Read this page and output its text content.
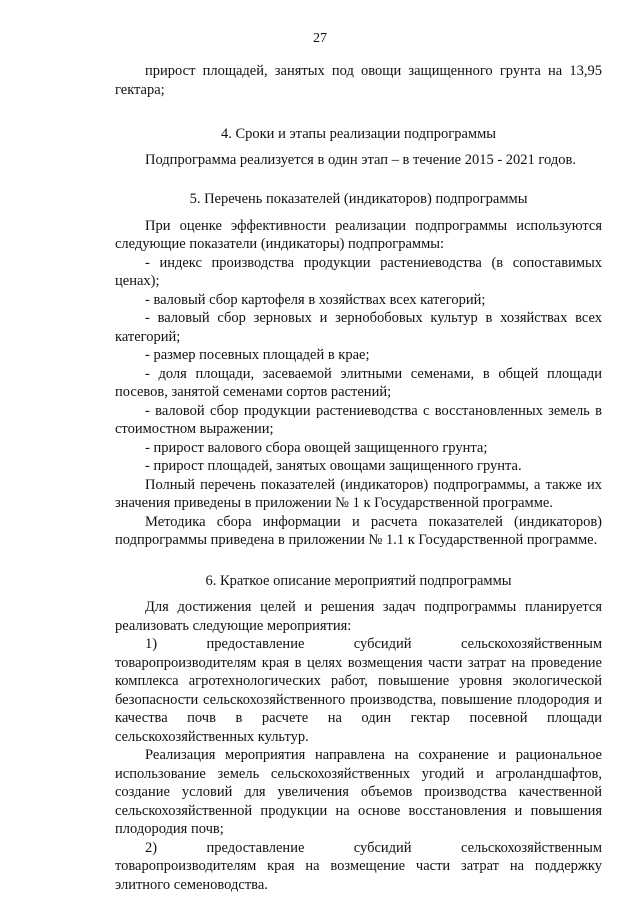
27

прирост площадей, занятых под овощи защищенного грунта на 13,95 гектара;

4. Сроки и этапы реализации подпрограммы

Подпрограмма реализуется в один этап – в течение 2015 - 2021 годов.

5. Перечень показателей (индикаторов) подпрограммы

При оценке эффективности реализации подпрограммы используются следующие показатели (индикаторы) подпрограммы:

- индекс производства продукции растениеводства (в сопоставимых ценах);

- валовый сбор картофеля в хозяйствах всех категорий;

- валовый сбор зерновых и зернобобовых культур в хозяйствах всех категорий;

- размер посевных площадей в крае;

- доля площади, засеваемой элитными семенами, в общей площади посевов, занятой семенами сортов растений;

- валовой сбор продукции растениеводства с восстановленных земель в стоимостном выражении;

- прирост валового сбора овощей защищенного грунта;

- прирост площадей, занятых овощами защищенного грунта.

Полный перечень показателей (индикаторов) подпрограммы, а также их значения приведены в приложении № 1 к Государственной программе.

Методика сбора информации и расчета показателей (индикаторов) подпрограммы приведена в приложении № 1.1 к Государственной программе.

6. Краткое описание мероприятий подпрограммы

Для достижения целей и решения задач подпрограммы планируется реализовать следующие мероприятия:

1) предоставление субсидий сельскохозяйственным товаропроизводителям края в целях возмещения части затрат на проведение комплекса агротехнологических работ, повышение уровня экологической безопасности сельскохозяйственного производства, повышение плодородия и качества почв в расчете на один гектар посевной площади сельскохозяйственных культур.

Реализация мероприятия направлена на сохранение и рациональное использование земель сельскохозяйственных угодий и агроландшафтов, создание условий для увеличения объемов производства качественной сельскохозяйственной продукции на основе восстановления и повышения плодородия почв;

2) предоставление субсидий сельскохозяйственным товаропроизводителям края на возмещение части затрат на поддержку элитного семеноводства.
